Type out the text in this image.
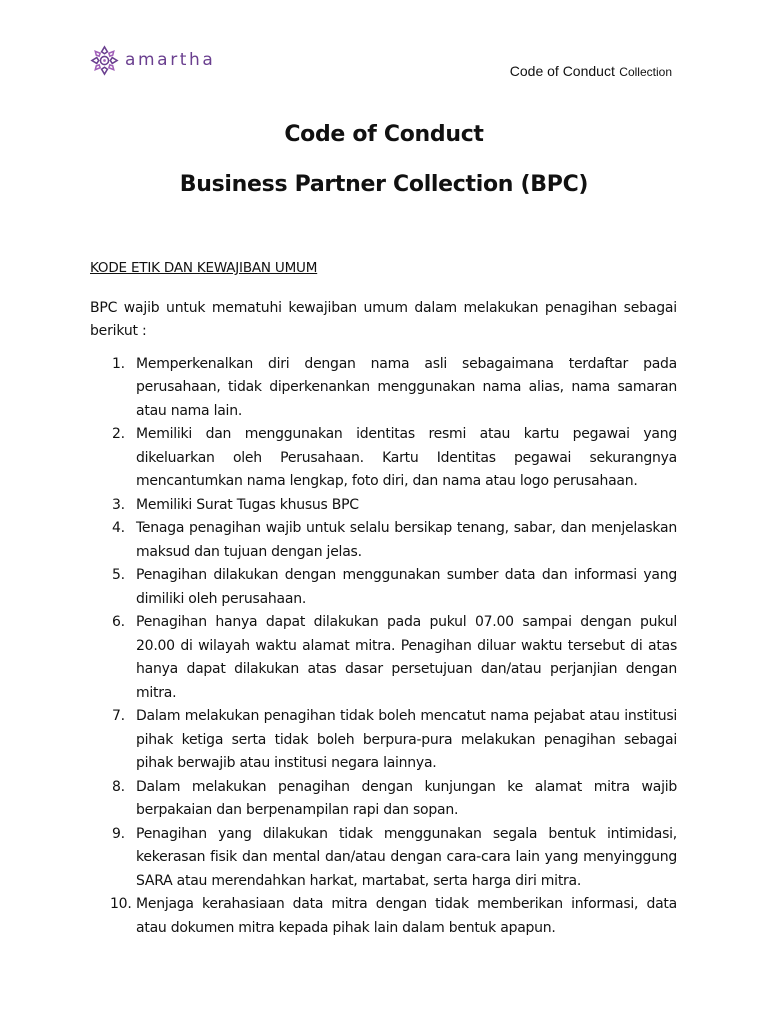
amartha
Code of Conduct Collection
Code of Conduct
Business Partner Collection (BPC)

KODE ETIK DAN KEWAJIBAN UMUM

BPC wajib untuk mematuhi kewajiban umum dalam melakukan penagihan sebagai berikut :

1. Memperkenalkan diri dengan nama asli sebagaimana terdaftar pada perusahaan, tidak diperkenankan menggunakan nama alias, nama samaran atau nama lain.
2. Memiliki dan menggunakan identitas resmi atau kartu pegawai yang dikeluarkan oleh Perusahaan. Kartu Identitas pegawai sekurangnya mencantumkan nama lengkap, foto diri, dan nama atau logo perusahaan.
3. Memiliki Surat Tugas khusus BPC
4. Tenaga penagihan wajib untuk selalu bersikap tenang, sabar, dan menjelaskan maksud dan tujuan dengan jelas.
5. Penagihan dilakukan dengan menggunakan sumber data dan informasi yang dimiliki oleh perusahaan.
6. Penagihan hanya dapat dilakukan pada pukul 07.00 sampai dengan pukul 20.00 di wilayah waktu alamat mitra. Penagihan diluar waktu tersebut di atas hanya dapat dilakukan atas dasar persetujuan dan/atau perjanjian dengan mitra.
7. Dalam melakukan penagihan tidak boleh mencatut nama pejabat atau institusi pihak ketiga serta tidak boleh berpura-pura melakukan penagihan sebagai pihak berwajib atau institusi negara lainnya.
8. Dalam melakukan penagihan dengan kunjungan ke alamat mitra wajib berpakaian dan berpenampilan rapi dan sopan.
9. Penagihan yang dilakukan tidak menggunakan segala bentuk intimidasi, kekerasan fisik dan mental dan/atau dengan cara-cara lain yang menyinggung SARA atau merendahkan harkat, martabat, serta harga diri mitra.
10. Menjaga kerahasiaan data mitra dengan tidak memberikan informasi, data atau dokumen mitra kepada pihak lain dalam bentuk apapun.
